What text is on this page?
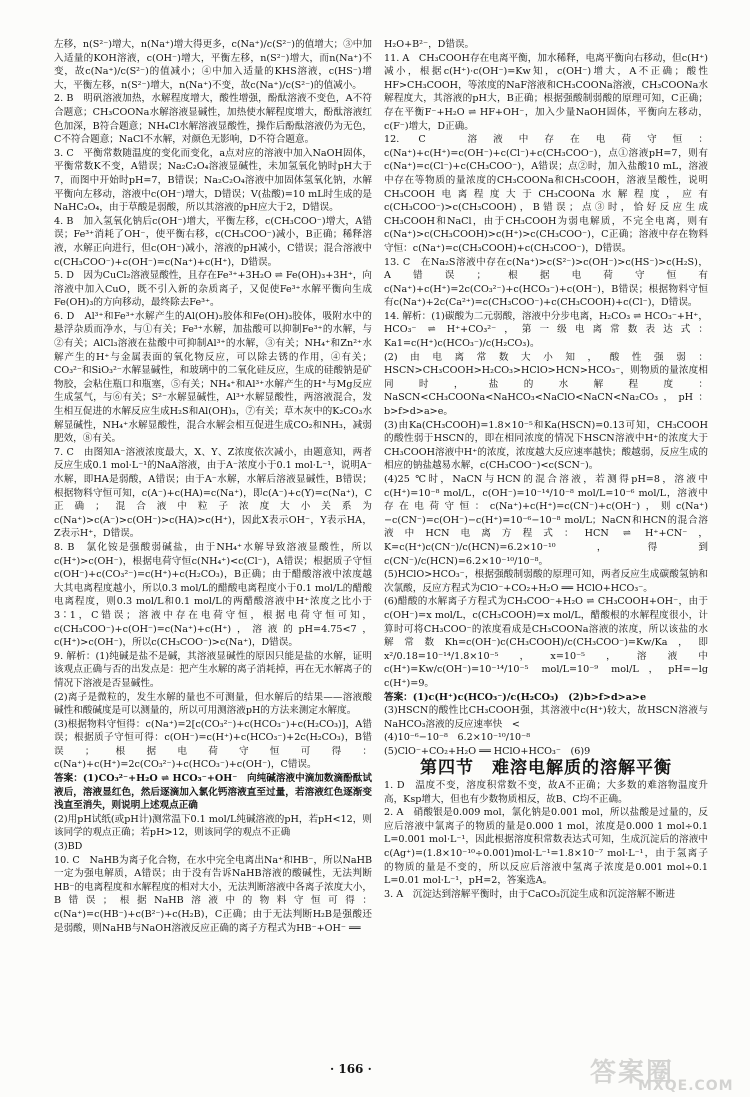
左移，n(S²⁻)增大，n(Na⁺)增大得更多，c(Na⁺)/c(S²⁻)的值增大；③中加入适量的KOH溶液，c(OH⁻)增大，平衡左移，n(S²⁻)增大，而n(Na⁺)不变，故c(Na⁺)/c(S²⁻)的值减小；④中加入适量的KHS溶液，c(HS⁻)增大，平衡左移，n(S²⁻)增大，n(Na⁺)不变，故c(Na⁺)/c(S²⁻)的值减小。

2. B　明矾溶液加热，水解程度增大，酸性增强，酚酞溶液不变色，A不符合题意；CH₃COONa水解溶液显碱性，加热使水解程度增大，酚酞溶液红色加深，B符合题意；NH₄Cl水解溶液显酸性，操作后酚酞溶液仍为无色，C不符合题意；NaCl不水解，对颜色无影响，D不符合题意。

3. C　平衡常数随温度的变化而变化，a点对应的溶液中加入NaOH固体，平衡常数K不变，A错误；Na₂C₂O₄溶液显碱性，未加氢氧化钠时pH大于7，而图中开始时pH=7，B错误；Na₂C₂O₄溶液中加固体氢氧化钠，水解平衡向左移动，溶液中c(OH⁻)增大，D错误；V(盐酸)=10 mL时生成的是NaHC₂O₄，由于草酸是弱酸，所以其溶液的pH应大于2，D错误。

4. B　加入氢氧化钠后c(OH⁻)增大，平衡左移，c(CH₃COO⁻)增大，A错误；Fe³⁺消耗了OH⁻，使平衡右移，c(CH₃COO⁻)减小，B正确；稀释溶液，水解正向进行，但c(OH⁻)减小，溶液的pH减小，C错误；混合溶液中c(CH₃COO⁻)+c(OH⁻)=c(Na⁺)+c(H⁺)，D错误。

5. D　因为CuCl₂溶液显酸性，且存在Fe³⁺+3H₂O ⇌ Fe(OH)₃+3H⁺，向溶液中加入CuO，既不引入新的杂质离子，又促使Fe³⁺水解平衡向生成Fe(OH)₃的方向移动，最终除去Fe³⁺。

6. D　Al³⁺和Fe³⁺水解产生的Al(OH)₃胶体和Fe(OH)₃胶体，吸附水中的悬浮杂质而净水，与①有关；Fe³⁺水解，加盐酸可以抑制Fe³⁺的水解，与②有关；AlCl₃溶液在盐酸中可抑制Al³⁺的水解，③有关；NH₄⁺和Zn²⁺水解产生的H⁺与金属表面的氧化物反应，可以除去锈的作用，④有关；CO₃²⁻和SiO₃²⁻水解显碱性，和玻璃中的二氧化硅反应，生成的硅酸钠是矿物胶，会粘住瓶口和瓶塞，⑤有关；NH₄⁺和Al³⁺水解产生的H⁺与Mg反应生成氢气，与⑥有关；S²⁻水解显碱性，Al³⁺水解显酸性，两溶液混合，发生相互促进的水解反应生成H₂S和Al(OH)₃，⑦有关；草木灰中的K₂CO₃水解显碱性，NH₄⁺水解显酸性，混合水解会相互促进生成CO₂和NH₃，减弱肥效，⑧有关。

7. C　由图知A⁻溶液浓度最大，X、Y、Z浓度依次减小，由题意知，两者反应生成0.1 mol·L⁻¹的NaA溶液，由于A⁻浓度小于0.1 mol·L⁻¹，说明A⁻水解，即HA是弱酸，A错误；由于A⁻水解，水解后溶液显碱性，B错误；根据物料守恒可知，c(A⁻)+c(HA)=c(Na⁺)，即c(A⁻)+c(Y)=c(Na⁺)，C正确；混合液中粒子浓度大小关系为c(Na⁺)>c(A⁻)>c(OH⁻)>c(HA)>c(H⁺)，因此X表示OH⁻，Y表示HA，Z表示H⁺，D错误。

8. B　氯化铵是强酸弱碱盐，由于NH₄⁺水解导致溶液显酸性，所以c(H⁺)>c(OH⁻)，根据电荷守恒c(NH₄⁺)<c(Cl⁻)，A错误；根据质子守恒c(OH⁻)+c(CO₃²⁻)=c(H⁺)+c(H₂CO₃)，B正确；由于醋酸溶液中浓度越大其电离程度越小，所以0.3 mol/L的醋酸电离程度小于0.1 mol/L的醋酸电离程度，则0.3 mol/L和0.1 mol/L的两醋酸溶液中H⁺浓度之比小于3∶1，C错误；溶液中存在电荷守恒，根据电荷守恒可知，c(CH₃COO⁻)+c(OH⁻)=c(Na⁺)+c(H⁺)，溶液的pH=4.75<7，c(H⁺)>c(OH⁻)，所以c(CH₃COO⁻)>c(Na⁺)，D错误。

9. 解析：(1)纯碱是盐不是碱，其溶液显碱性的原因只能是盐的水解，证明该观点正确与否的出发点是：把产生水解的离子消耗掉，再在无水解离子的情况下溶液是否显碱性。

(2)离子是微粒的，发生水解的量也不可测量，但水解后的结果——溶液酸碱性和酸碱度是可以测量的，所以可用测溶液pH的方法来测定水解度。

(3)根据物料守恒得：c(Na⁺)=2[c(CO₃²⁻)+c(HCO₃⁻)+c(H₂CO₃)]，A错误；根据质子守恒可得：c(OH⁻)=c(H⁺)+c(HCO₃⁻)+2c(H₂CO₃)，B错误；根据电荷守恒可得：c(Na⁺)+c(H⁺)=2c(CO₃²⁻)+c(HCO₃⁻)+c(OH⁻)，C错误。

答案：(1)CO₃²⁻+H₂O ⇌ HCO₃⁻+OH⁻　向纯碱溶液中滴加数滴酚酞试液后，溶液显红色，然后逐滴加入氯化钙溶液直至过量，若溶液红色逐渐变浅直至消失，则说明上述观点正确

(2)用pH试纸(或pH计)测常温下0.1 mol/L纯碱溶液的pH，若pH<12，则该同学的观点正确；若pH>12，则该同学的观点不正确

(3)BD

10. C　NaHB为离子化合物，在水中完全电离出Na⁺和HB⁻，所以NaHB一定为强电解质，A错误；由于没有告诉NaHB溶液的酸碱性，无法判断HB⁻的电离程度和水解程度的相对大小，无法判断溶液中各离子浓度大小，B错误；根据NaHB溶液中的物料守恒可得：c(Na⁺)=c(HB⁻)+c(B²⁻)+c(H₂B)，C正确；由于无法判断H₂B是强酸还是弱酸，则NaHB与NaOH溶液反应正确的离子方程式为HB⁻+OH⁻ ══

H₂O+B²⁻，D错误。

11. A　CH₃COOH存在电离平衡，加水稀释，电离平衡向右移动，但c(H⁺)减小，根据c(H⁺)·c(OH⁻)=Kw知，c(OH⁻)增大，A不正确；酸性HF>CH₃COOH，等浓度的NaF溶液和CH₃COONa溶液，CH₃COONa水解程度大，其溶液的pH大，B正确；根据强酸制弱酸的原理可知，C正确；存在平衡F⁻+H₂O ⇌ HF+OH⁻，加入少量NaOH固体，平衡向左移动，c(F⁻)增大，D正确。

12. C　溶液中存在电荷守恒：c(Na⁺)+c(H⁺)=c(OH⁻)+c(Cl⁻)+c(CH₃COO⁻)，点①溶液pH=7，则有c(Na⁺)=c(Cl⁻)+c(CH₃COO⁻)，A错误；点②时，加入盐酸10 mL，溶液中存在等物质的量浓度的CH₃COONa和CH₃COOH，溶液呈酸性，说明CH₃COOH电离程度大于CH₃COONa水解程度，应有c(CH₃COO⁻)>c(CH₃COOH)，B错误；点③时，恰好反应生成CH₃COOH和NaCl，由于CH₃COOH为弱电解质，不完全电离，则有c(Na⁺)>c(CH₃COOH)>c(H⁺)>c(CH₃COO⁻)，C正确；溶液中存在物料守恒：c(Na⁺)=c(CH₃COOH)+c(CH₃COO⁻)，D错误。

13. C　在Na₂S溶液中存在c(Na⁺)>c(S²⁻)>c(OH⁻)>c(HS⁻)>c(H₂S)，A错误；根据电荷守恒有c(Na⁺)+c(H⁺)=2c(CO₃²⁻)+c(HCO₃⁻)+c(OH⁻)，B错误；根据物料守恒有c(Na⁺)+2c(Ca²⁺)=c(CH₃COO⁻)+c(CH₃COOH)+c(Cl⁻)，D错误。

14. 解析：(1)碳酸为二元弱酸，溶液中分步电离，H₂CO₃ ⇌ HCO₃⁻+H⁺，HCO₃⁻ ⇌ H⁺+CO₃²⁻，第一级电离常数表达式：Ka1=c(H⁺)c(HCO₃⁻)/c(H₂CO₃)。

(2)由电离常数大小知，酸性强弱：HSCN>CH₃COOH>H₂CO₃>HClO>HCN>HCO₃⁻，则物质的量浓度相同时，盐的水解程度：NaSCN<CH₃COONa<NaHCO₃<NaClO<NaCN<Na₂CO₃，pH：b>f>d>a>e。

(3)由Ka(CH₃COOH)=1.8×10⁻⁵和Ka(HSCN)=0.13可知，CH₃COOH的酸性弱于HSCN的，即在相同浓度的情况下HSCN溶液中H⁺的浓度大于CH₃COOH溶液中H⁺的浓度，浓度越大反应速率越快；酸越弱，反应生成的相应的钠盐越易水解，c(CH₃COO⁻)<c(SCN⁻)。

(4)25 ℃时，NaCN与HCN的混合溶液，若测得pH=8，溶液中c(H⁺)=10⁻⁸ mol/L，c(OH⁻)=10⁻¹⁴/10⁻⁸ mol/L=10⁻⁶ mol/L，溶液中存在电荷守恒：c(Na⁺)+c(H⁺)=c(CN⁻)+c(OH⁻)，则c(Na⁺)−c(CN⁻)=c(OH⁻)−c(H⁺)=10⁻⁶−10⁻⁸ mol/L；NaCN和HCN的混合溶液中HCN电离方程式：HCN ⇌ H⁺+CN⁻，K=c(H⁺)c(CN⁻)/c(HCN)=6.2×10⁻¹⁰，得到c(CN⁻)/c(HCN)=6.2×10⁻¹⁰/10⁻⁸。

(5)HClO>HCO₃⁻，根据强酸制弱酸的原理可知，两者反应生成碳酸氢钠和次氯酸，反应方程式为ClO⁻+CO₂+H₂O ══ HClO+HCO₃⁻。

(6)醋酸的水解离子方程式为CH₃COO⁻+H₂O ⇌ CH₃COOH+OH⁻，由于c(OH⁻)=x mol/L，c(CH₃COOH)=x mol/L，醋酸根的水解程度很小，计算时可将CH₃COO⁻的浓度看成是CH₃COONa溶液的浓度，所以该盐的水解常数Kh=c(OH⁻)c(CH₃COOH)/c(CH₃COO⁻)=Kw/Ka，即x²/0.18=10⁻¹⁴/1.8×10⁻⁵，x=10⁻⁵，溶液中c(H⁺)=Kw/c(OH⁻)=10⁻¹⁴/10⁻⁵ mol/L=10⁻⁹ mol/L，pH=−lg c(H⁺)=9。

答案：(1)c(H⁺)c(HCO₃⁻)/c(H₂CO₃)　(2)b>f>d>a>e

(3)HSCN的酸性比CH₃COOH强，其溶液中c(H⁺)较大，故HSCN溶液与NaHCO₃溶液的反应速率快　<

(4)10⁻⁶−10⁻⁸　6.2×10⁻¹⁰/10⁻⁸

(5)ClO⁻+CO₂+H₂O ══ HClO+HCO₃⁻　(6)9

第四节　难溶电解质的溶解平衡

1. D　温度不变，溶度积常数不变，故A不正确；大多数的难溶物温度升高，Ksp增大，但也有少数物质相反，故B、C均不正确。

2. A　硝酸银是0.009 mol，氯化钠是0.001 mol，所以盐酸是过量的，反应后溶液中氯离子的物质的量是0.000 1 mol，浓度是0.000 1 mol÷0.1 L=0.001 mol·L⁻¹，因此根据溶度积常数表达式可知，生成沉淀后的溶液中c(Ag⁺)=(1.8×10⁻¹⁰÷0.001)mol·L⁻¹=1.8×10⁻⁷ mol·L⁻¹，由于氢离子的物质的量是不变的，所以反应后溶液中氢离子浓度是0.001 mol÷0.1 L=0.01 mol·L⁻¹，pH=2，答案选A。

3. A　沉淀达到溶解平衡时，由于CaCO₃沉淀生成和沉淀溶解不断进

· 166 ·	答案圈
MXQE.COM
